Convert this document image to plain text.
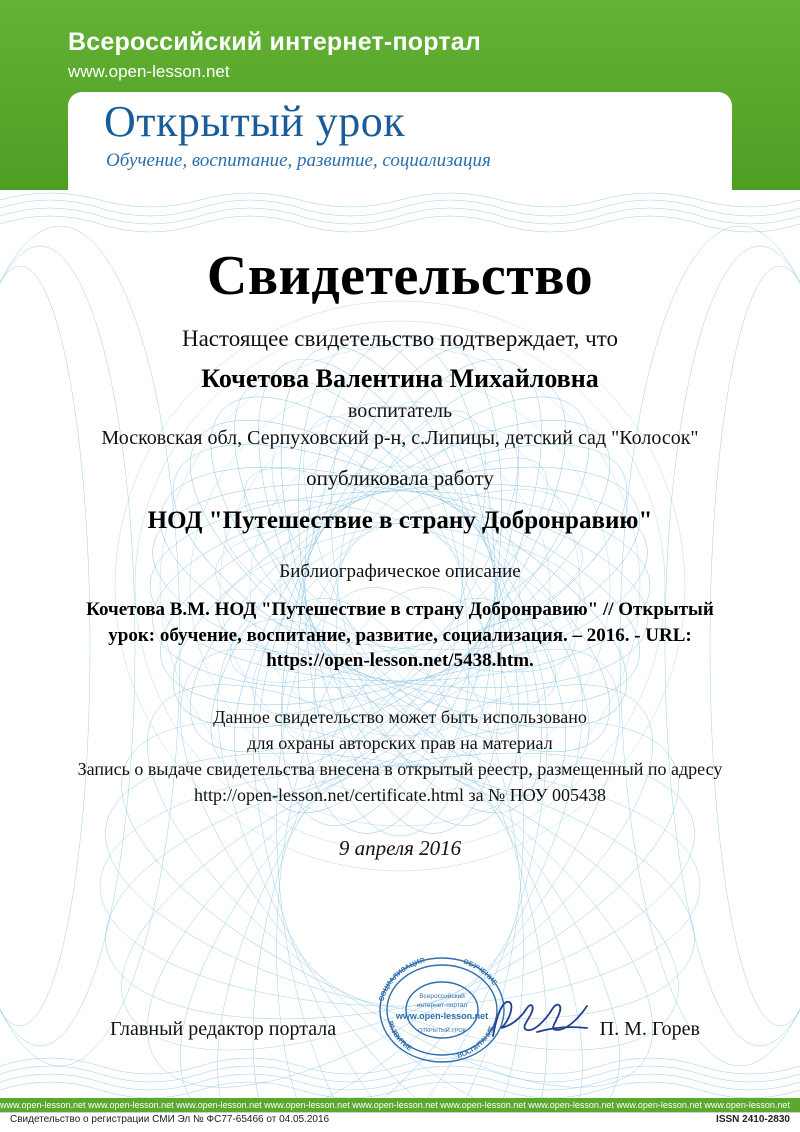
Всероссийский интернет-портал
www.open-lesson.net
Открытый урок
Обучение, воспитание, развитие, социализация
Свидетельство
Настоящее свидетельство подтверждает, что
Кочетова Валентина Михайловна
воспитатель
Московская обл, Серпуховский р-н, с.Липицы, детский сад "Колосок"
опубликовала работу
НОД "Путешествие в страну Добронравию"
Библиографическое описание
Кочетова В.М. НОД "Путешествие в страну Добронравию" // Открытый урок: обучение, воспитание, развитие, социализация. – 2016. - URL: https://open-lesson.net/5438.htm.
Данное свидетельство может быть использовано
для охраны авторских прав на материал
Запись о выдаче свидетельства внесена в открытый реестр, размещенный по адресу
http://open-lesson.net/certificate.html за № ПОУ 005438
9 апреля 2016
СОЦИАЛИЗАЦИЯ	ОБУЧЕНИЕ
РАЗВИТИЕ
ВОСПИТАНИЕ
Всероссийский
интернет-портал
www.open-lesson.net
ОТКРЫТЫЙ УРОК
Главный редактор портала	П. М. Горев
www.open-lesson.net www.open-lesson.net www.open-lesson.net www.open-lesson.net www.open-lesson.net www.open-lesson.net www.open-lesson.net www.open-lesson.net www.open-lesson.net
Свидетельство о регистрации СМИ Эл № ФС77-65466 от 04.05.2016	ISSN 2410-2830
